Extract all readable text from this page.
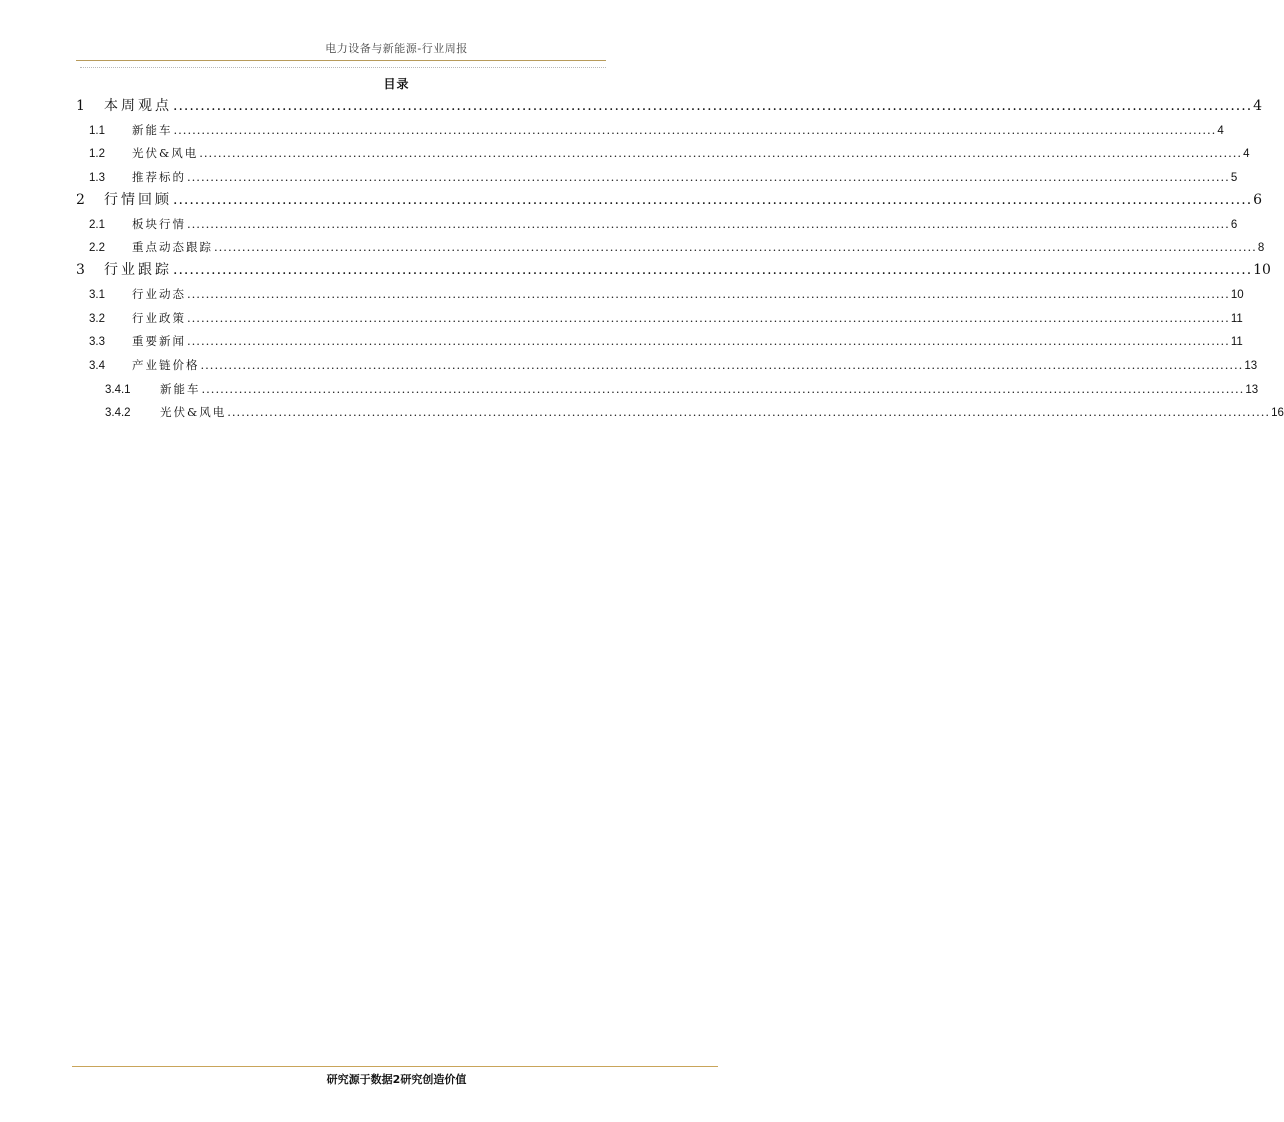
电力设备与新能源-行业周报
目录
1	本周观点 ...................................................................................................................................................................................................... 4
1.1	新能车 ................................................................................................................................................................................................................................ 4
1.2	光伏&风电 ................................................................................................................................................................................................................................ 4
1.3	推荐标的 ................................................................................................................................................................................................................................ 5
2	行情回顾 ...................................................................................................................................................................................................... 6
2.1	板块行情 ................................................................................................................................................................................................................................ 6
2.2	重点动态跟踪 ................................................................................................................................................................................................................................ 8
3	行业跟踪 ...................................................................................................................................................................................................... 10
3.1	行业动态 ................................................................................................................................................................................................................................ 10
3.2	行业政策 ................................................................................................................................................................................................................................ 11
3.3	重要新闻 ................................................................................................................................................................................................................................ 11
3.4	产业链价格 ................................................................................................................................................................................................................................ 13
3.4.1	新能车 ................................................................................................................................................................................................................................ 13
3.4.2	光伏&风电 ................................................................................................................................................................................................................................ 16
研究源于数据2研究创造价值
